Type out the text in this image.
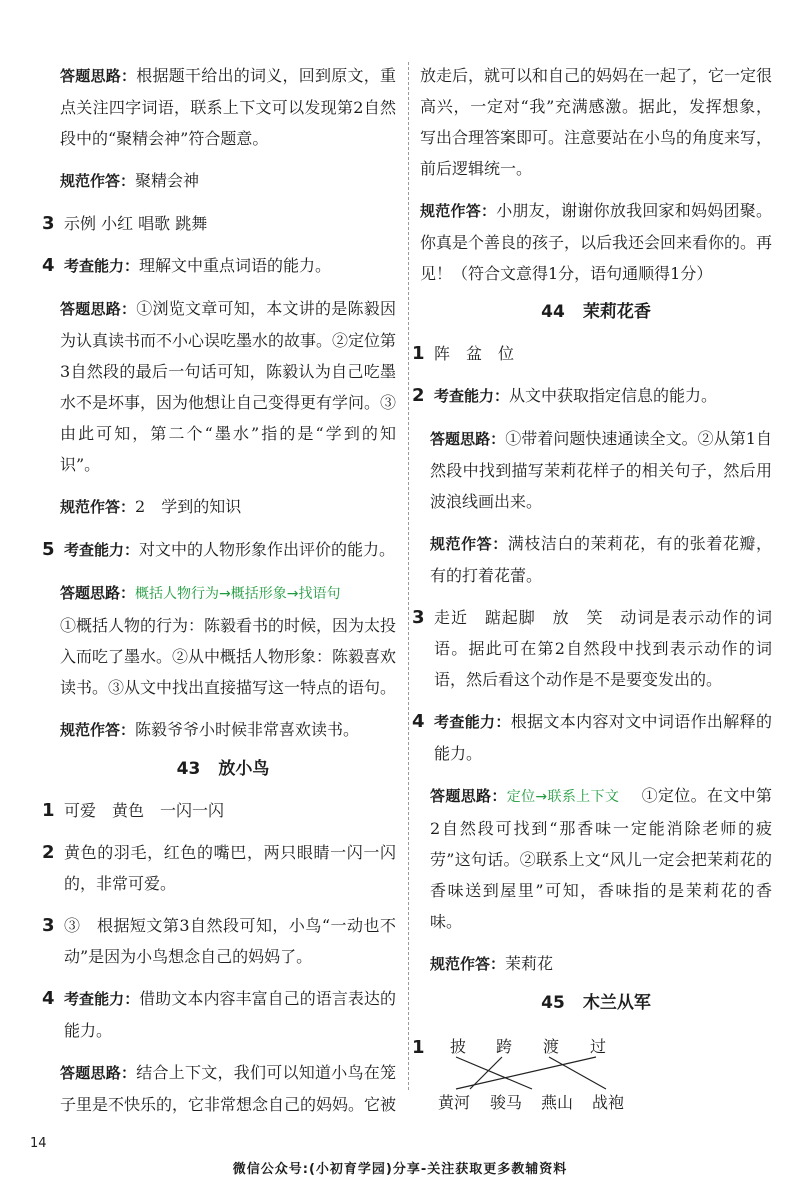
答题思路：根据题干给出的词义，回到原文，重点关注四字词语，联系上下文可以发现第2自然段中的“聚精会神”符合题意。

规范作答：聚精会神

3 示例 小红 唱歌 跳舞
4 考查能力：理解文中重点词语的能力。

答题思路：①浏览文章可知，本文讲的是陈毅因为认真读书而不小心误吃墨水的故事。②定位第3自然段的最后一句话可知，陈毅认为自己吃墨水不是坏事，因为他想让自己变得更有学问。③由此可知，第二个“墨水”指的是“学到的知识”。

规范作答：2　学到的知识

5 考查能力：对文中的人物形象作出评价的能力。

答题思路：概括人物行为→概括形象→找语句
①概括人物的行为：陈毅看书的时候，因为太投入而吃了墨水。②从中概括人物形象：陈毅喜欢读书。③从文中找出直接描写这一特点的语句。

规范作答：陈毅爷爷小时候非常喜欢读书。

43 放小鸟
1 可爱　黄色　一闪一闪
2 黄色的羽毛，红色的嘴巴，两只眼睛一闪一闪的，非常可爱。
3 ③　根据短文第3自然段可知，小鸟“一动也不动”是因为小鸟想念自己的妈妈了。
4 考查能力：借助文本内容丰富自己的语言表达的能力。

答题思路：结合上下文，我们可以知道小鸟在笼子里是不快乐的，它非常想念自己的妈妈。它被

放走后，就可以和自己的妈妈在一起了，它一定很高兴，一定对“我”充满感激。据此，发挥想象，写出合理答案即可。注意要站在小鸟的角度来写，前后逻辑统一。

规范作答：小朋友，谢谢你放我回家和妈妈团聚。你真是个善良的孩子，以后我还会回来看你的。再见！（符合文意得1分，语句通顺得1分）

44 茉莉花香
1 阵　盆　位
2 考查能力：从文中获取指定信息的能力。

答题思路：①带着问题快速通读全文。②从第1自然段中找到描写茉莉花样子的相关句子，然后用波浪线画出来。

规范作答：满枝洁白的茉莉花，有的张着花瓣，有的打着花蕾。

3 走近　踮起脚　放　笑　动词是表示动作的词语。据此可在第2自然段中找到表示动作的词语，然后看这个动作是不是要变发出的。
4 考查能力：根据文本内容对文中词语作出解释的能力。

答题思路：定位→联系上下文 ①定位。在文中第2自然段可找到“那香味一定能消除老师的疲劳”这句话。②联系上文“风儿一定会把茉莉花的香味送到屋里”可知，香味指的是茉莉花的香味。

规范作答：茉莉花

45 木兰从军
1 披 跨 渡 过
黄河 骏马 燕山 战袍
14
微信公众号:(小初育学园)分享-关注获取更多教辅资料
